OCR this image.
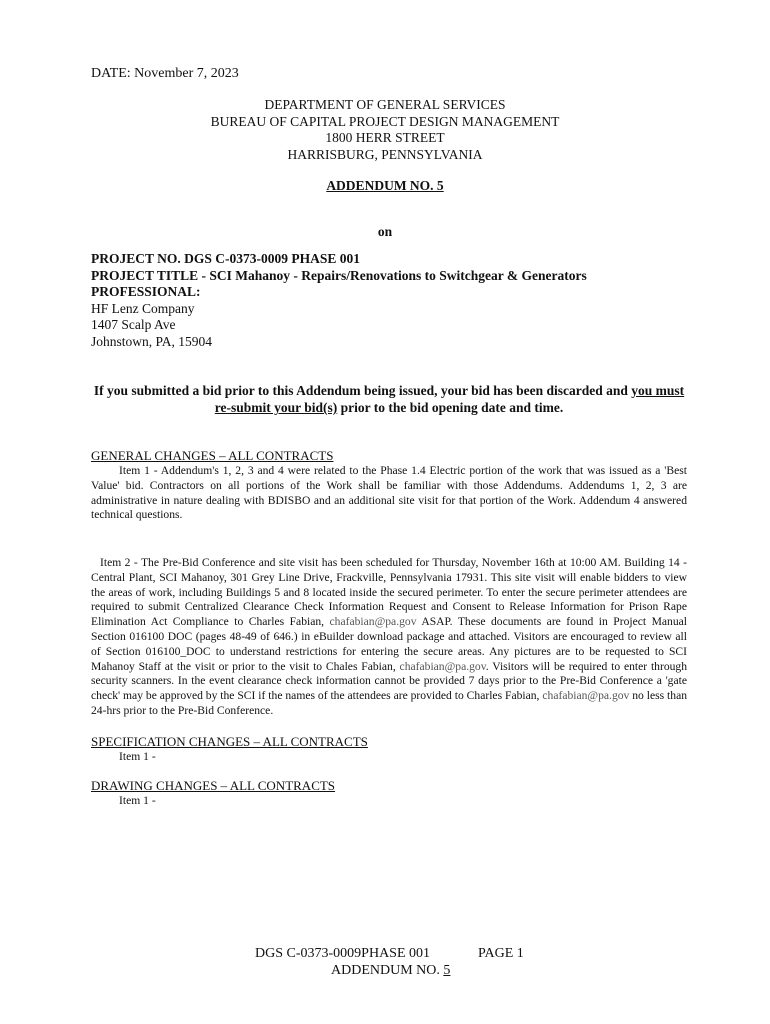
DATE: November 7, 2023
DEPARTMENT OF GENERAL SERVICES
BUREAU OF CAPITAL PROJECT DESIGN MANAGEMENT
1800 HERR STREET
HARRISBURG, PENNSYLVANIA
ADDENDUM NO. 5
on
PROJECT NO. DGS C-0373-0009 PHASE 001
PROJECT TITLE - SCI Mahanoy - Repairs/Renovations to Switchgear & Generators
PROFESSIONAL:
HF Lenz Company
1407 Scalp Ave
Johnstown, PA, 15904
If you submitted a bid prior to this Addendum being issued, your bid has been discarded and you must re-submit your bid(s) prior to the bid opening date and time.
GENERAL CHANGES – ALL CONTRACTS
Item 1 - Addendum's 1, 2, 3 and 4 were related to the Phase 1.4 Electric portion of the work that was issued as a 'Best Value' bid. Contractors on all portions of the Work shall be familiar with those Addendums. Addendums 1, 2, 3 are administrative in nature dealing with BDISBO and an additional site visit for that portion of the Work. Addendum 4 answered technical questions.
Item 2 - The Pre-Bid Conference and site visit has been scheduled for Thursday, November 16th at 10:00 AM. Building 14 - Central Plant, SCI Mahanoy, 301 Grey Line Drive, Frackville, Pennsylvania 17931. This site visit will enable bidders to view the areas of work, including Buildings 5 and 8 located inside the secured perimeter. To enter the secure perimeter attendees are required to submit Centralized Clearance Check Information Request and Consent to Release Information for Prison Rape Elimination Act Compliance to Charles Fabian, chafabian@pa.gov ASAP. These documents are found in Project Manual Section 016100 DOC (pages 48-49 of 646.) in eBuilder download package and attached. Visitors are encouraged to review all of Section 016100_DOC to understand restrictions for entering the secure areas. Any pictures are to be requested to SCI Mahanoy Staff at the visit or prior to the visit to Chales Fabian, chafabian@pa.gov. Visitors will be required to enter through security scanners. In the event clearance check information cannot be provided 7 days prior to the Pre-Bid Conference a 'gate check' may be approved by the SCI if the names of the attendees are provided to Charles Fabian, chafabian@pa.gov no less than 24-hrs prior to the Pre-Bid Conference.
SPECIFICATION CHANGES – ALL CONTRACTS
Item 1 -
DRAWING CHANGES – ALL CONTRACTS
Item 1 -
DGS C-0373-0009PHASE 001	PAGE 1
ADDENDUM NO. 5
